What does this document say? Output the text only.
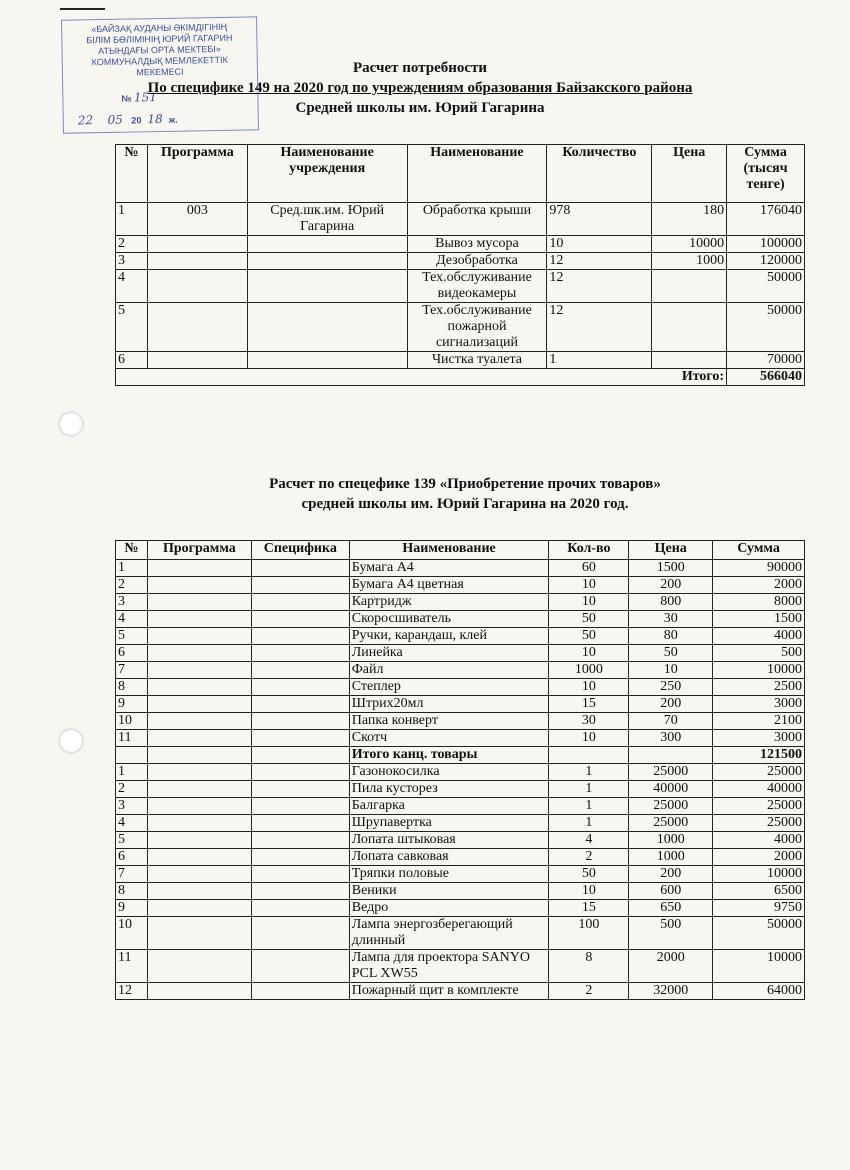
«БАЙЗАҚ АУДАНЫ ӘКІМДІГІНІҢ
БІЛІМ БӨЛІМІНІҢ ЮРИЙ ГАГАРИН
АТЫНДАҒЫ ОРТА МЕКТЕБІ»
КОММУНАЛДЫҚ МЕМЛЕКЕТТІК
МЕКЕМЕСІ
№ 151
22 05 20 18 ж.
Расчет потребности
По специфике 149 на 2020 год по учреждениям образования Байзакского района
Средней школы им. Юрий Гагарина
№	Программа	Наименование учреждения	Наименование	Количество	Цена	Сумма (тысяч тенге)
1	003	Сред.шк.им. Юрий Гагарина	Обработка крыши	978	180	176040
2			Вывоз мусора	10	10000	100000
3			Дезобработка	12	1000	120000
4			Тех.обслуживание видеокамеры	12		50000
5			Тех.обслуживание пожарной сигнализаций	12		50000
6			Чистка туалета	1		70000
Итого:						566040
Расчет по спецефике 139 «Приобретение прочих товаров»
средней школы им. Юрий Гагарина на 2020 год.
№	Программа	Специфика	Наименование	Кол-во	Цена	Сумма
1			Бумага А4	60	1500	90000
2			Бумага А4 цветная	10	200	2000
3			Картридж	10	800	8000
4			Скоросшиватель	50	30	1500
5			Ручки, карандаш, клей	50	80	4000
6			Линейка	10	50	500
7			Файл	1000	10	10000
8			Степлер	10	250	2500
9			Штрих20мл	15	200	3000
10			Папка конверт	30	70	2100
11			Скотч	10	300	3000
			Итого канц. товары			121500
1			Газонокосилка	1	25000	25000
2			Пила кусторез	1	40000	40000
3			Балгарка	1	25000	25000
4			Шрупавертка	1	25000	25000
5			Лопата штыковая	4	1000	4000
6			Лопата савковая	2	1000	2000
7			Тряпки половые	50	200	10000
8			Веники	10	600	6500
9			Ведро	15	650	9750
10			Лампа энергозберегающий длинный	100	500	50000
11			Лампа для проектора SANYO PCL XW55	8	2000	10000
12			Пожарный щит в комплекте	2	32000	64000
